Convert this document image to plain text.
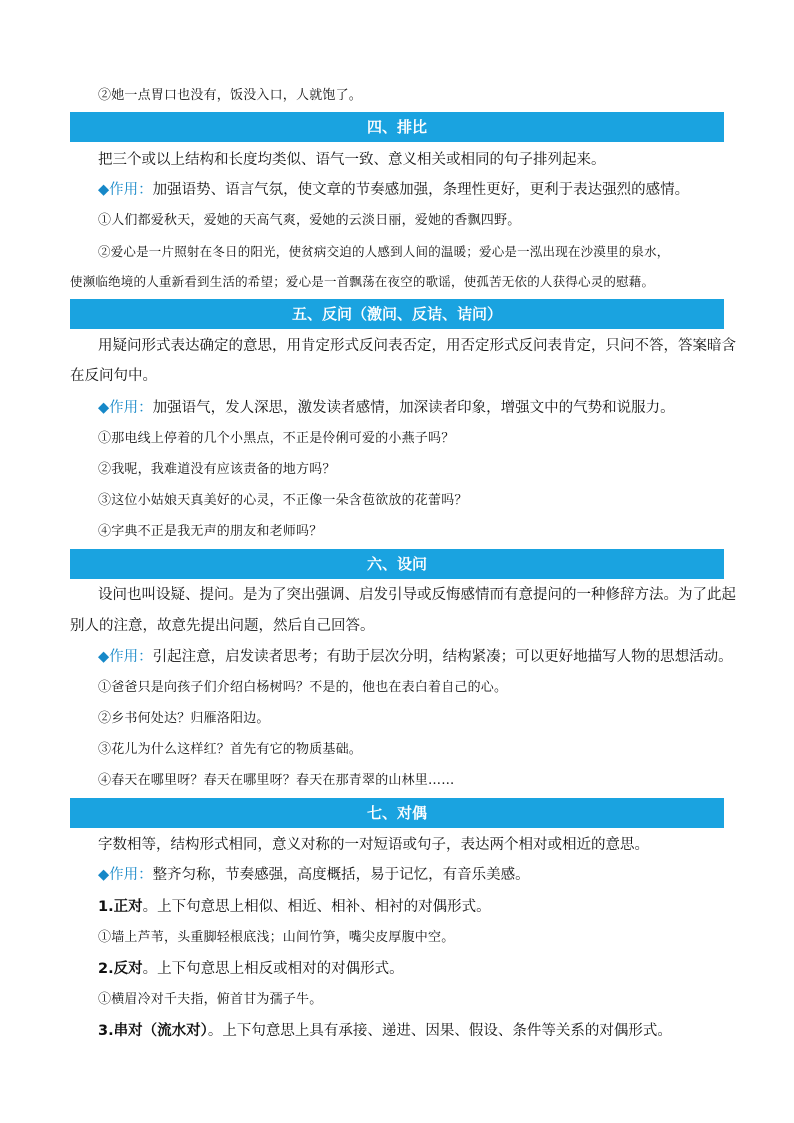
②她一点胃口也没有，饭没入口，人就饱了。
四、排比
把三个或以上结构和长度均类似、语气一致、意义相关或相同的句子排列起来。
◆作用：加强语势、语言气氛，使文章的节奏感加强，条理性更好，更利于表达强烈的感情。
①人们都爱秋天，爱她的天高气爽，爱她的云淡日丽，爱她的香飘四野。
②爱心是一片照射在冬日的阳光，使贫病交迫的人感到人间的温暖；爱心是一泓出现在沙漠里的泉水，
使濒临绝境的人重新看到生活的希望；爱心是一首飘荡在夜空的歌谣，使孤苦无依的人获得心灵的慰藉。
五、反问（激问、反诘、诘问）
用疑问形式表达确定的意思，用肯定形式反问表否定，用否定形式反问表肯定，只问不答，答案暗含
在反问句中。
◆作用：加强语气，发人深思，激发读者感情，加深读者印象，增强文中的气势和说服力。
①那电线上停着的几个小黑点，不正是伶俐可爱的小燕子吗？
②我呢，我难道没有应该责备的地方吗？
③这位小姑娘天真美好的心灵，不正像一朵含苞欲放的花蕾吗？
④字典不正是我无声的朋友和老师吗？
六、设问
设问也叫设疑、提问。是为了突出强调、启发引导或反悔感情而有意提问的一种修辞方法。为了此起
别人的注意，故意先提出问题，然后自己回答。
◆作用：引起注意，启发读者思考；有助于层次分明，结构紧凑；可以更好地描写人物的思想活动。
①爸爸只是向孩子们介绍白杨树吗？不是的，他也在表白着自己的心。
②乡书何处达？归雁洛阳边。
③花儿为什么这样红？首先有它的物质基础。
④春天在哪里呀？春天在哪里呀？春天在那青翠的山林里……
七、对偶
字数相等，结构形式相同，意义对称的一对短语或句子，表达两个相对或相近的意思。
◆作用：整齐匀称，节奏感强，高度概括，易于记忆，有音乐美感。
1.正对。上下句意思上相似、相近、相补、相衬的对偶形式。
①墙上芦苇，头重脚轻根底浅；山间竹笋，嘴尖皮厚腹中空。
2.反对。上下句意思上相反或相对的对偶形式。
①横眉冷对千夫指，俯首甘为孺子牛。
3.串对（流水对）。上下句意思上具有承接、递进、因果、假设、条件等关系的对偶形式。
